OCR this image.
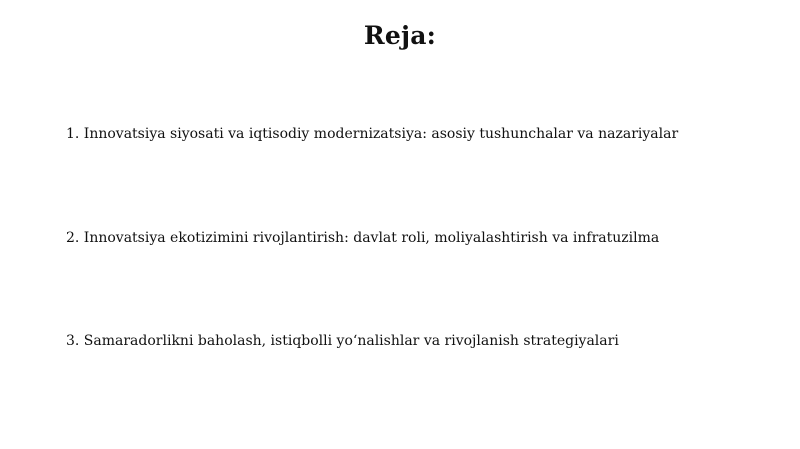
Reja:
1. Innovatsiya siyosati va iqtisodiy modernizatsiya: asosiy tushunchalar va nazariyalar
2. Innovatsiya ekotizimini rivojlantirish: davlat roli, moliyalashtirish va infratuzilma
3. Samaradorlikni baholash, istiqbolli yo‘nalishlar va rivojlanish strategiyalari
